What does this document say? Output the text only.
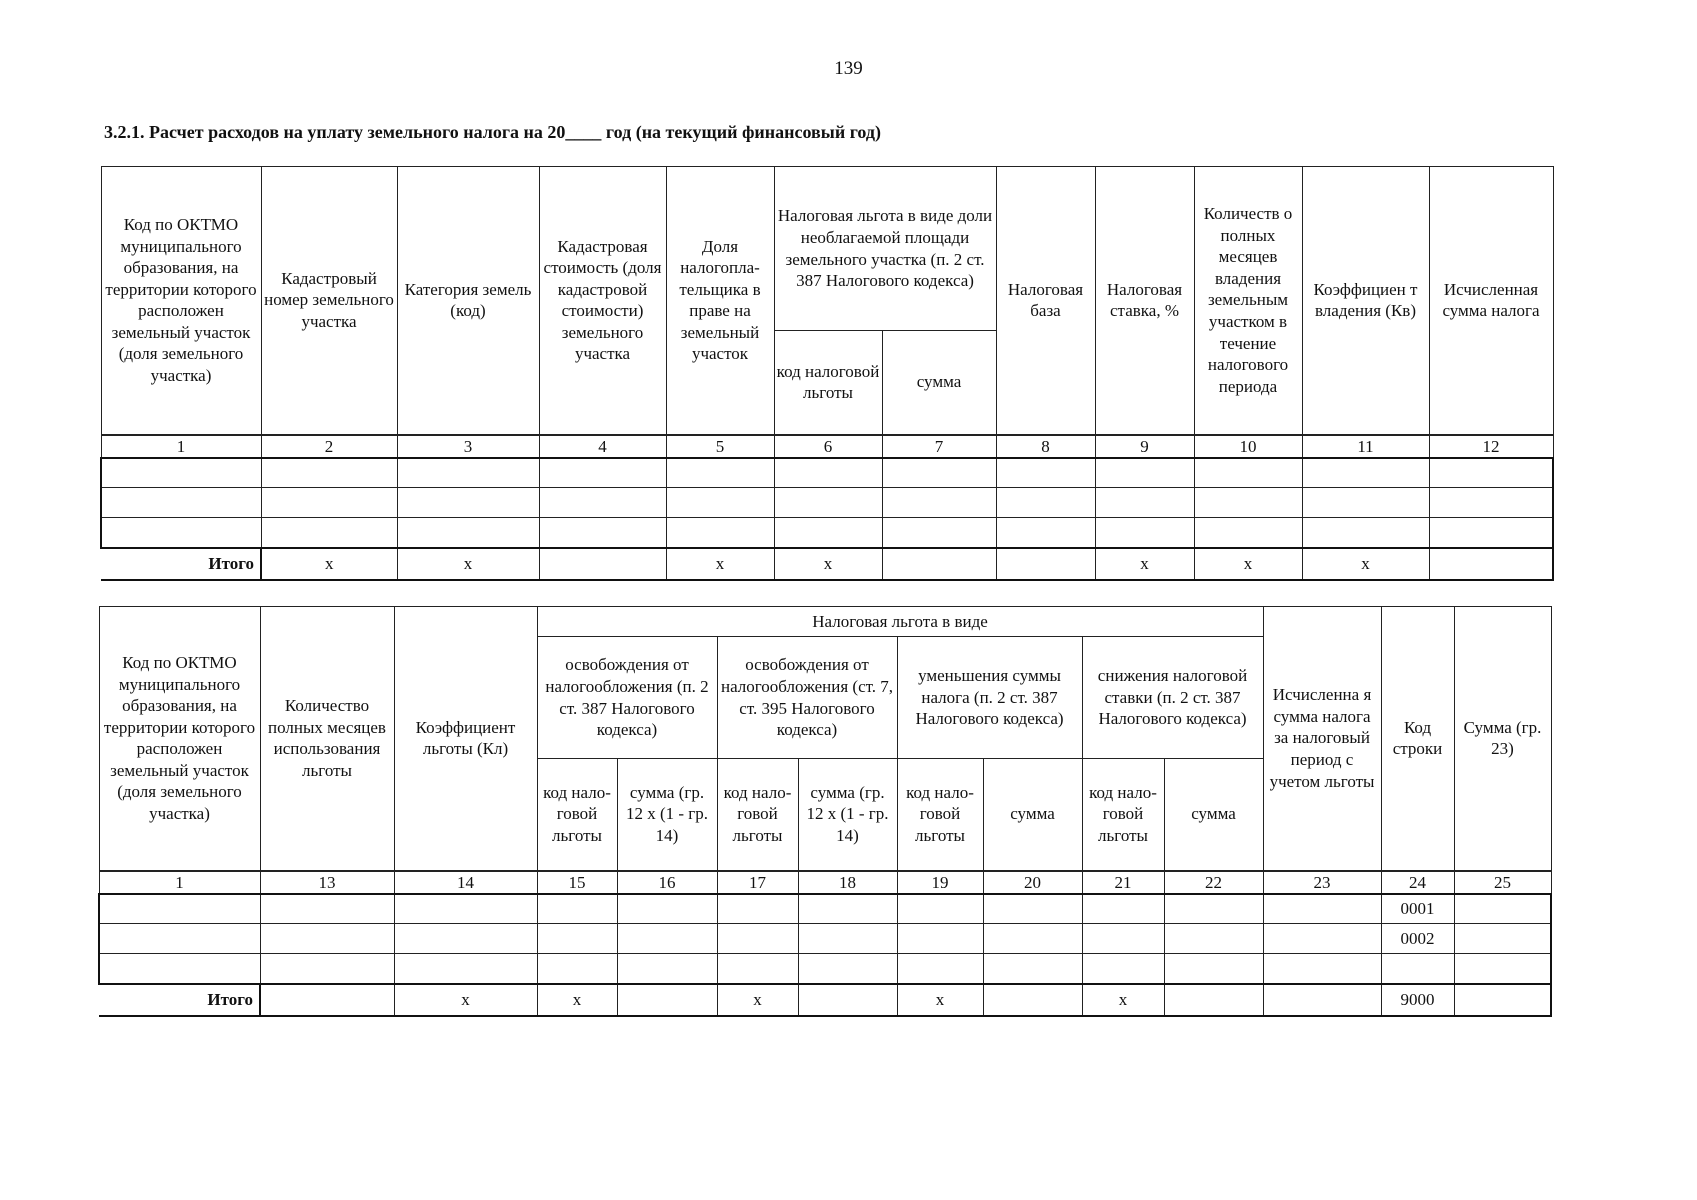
139
3.2.1. Расчет расходов на уплату земельного налога на 20____ год (на текущий финансовый год)
Код по ОКТМО муниципального образования, на территории которого расположен земельный участок (доля земельного участка)	Кадастровый номер земельного участка	Категория земель (код)	Кадастровая стоимость (доля кадастровой стоимости) земельного участка	Доля налогопла-тельщика в праве на земельный участок	Налоговая льгота в виде доли необлагаемой площади земельного участка (п. 2 ст. 387 Налогового кодекса)		Налоговая база	Налоговая ставка, %	Количеств о полных месяцев владения земельным участком в течение налогового периода	Коэффициен т владения (Кв)	Исчисленная сумма налога
					код налоговой льготы	сумма					
1	2	3	4	5	6	7	8	9	10	11	12

Итого	x	x		x	x			x	x	x	
Код по ОКТМО муниципального образования, на территории которого расположен земельный участок (доля земельного участка)	Количество полных месяцев использования льготы	Коэффициент льготы (Кл)	Налоговая льгота в виде								Исчисленна я сумма налога за налоговый период с учетом льготы	Код строки	Сумма (гр. 23)
			освобождения от налогообложения (п. 2 ст. 387 Налогового кодекса)		освобождения от налогообложения (ст. 7, ст. 395 Налогового кодекса)		уменьшения суммы налога (п. 2 ст. 387 Налогового кодекса)		снижения налоговой ставки (п. 2 ст. 387 Налогового кодекса)				
			код нало-говой льготы	сумма (гр. 12 x (1 - гр. 14)	код нало-говой льготы	сумма (гр. 12 x (1 - гр. 14)	код нало-говой льготы	сумма	код нало-говой льготы	сумма			
1	13	14	15	16	17	18	19	20	21	22	23	24	25
												0001	
												0002	

Итого		x	x		x		x		x			9000	
